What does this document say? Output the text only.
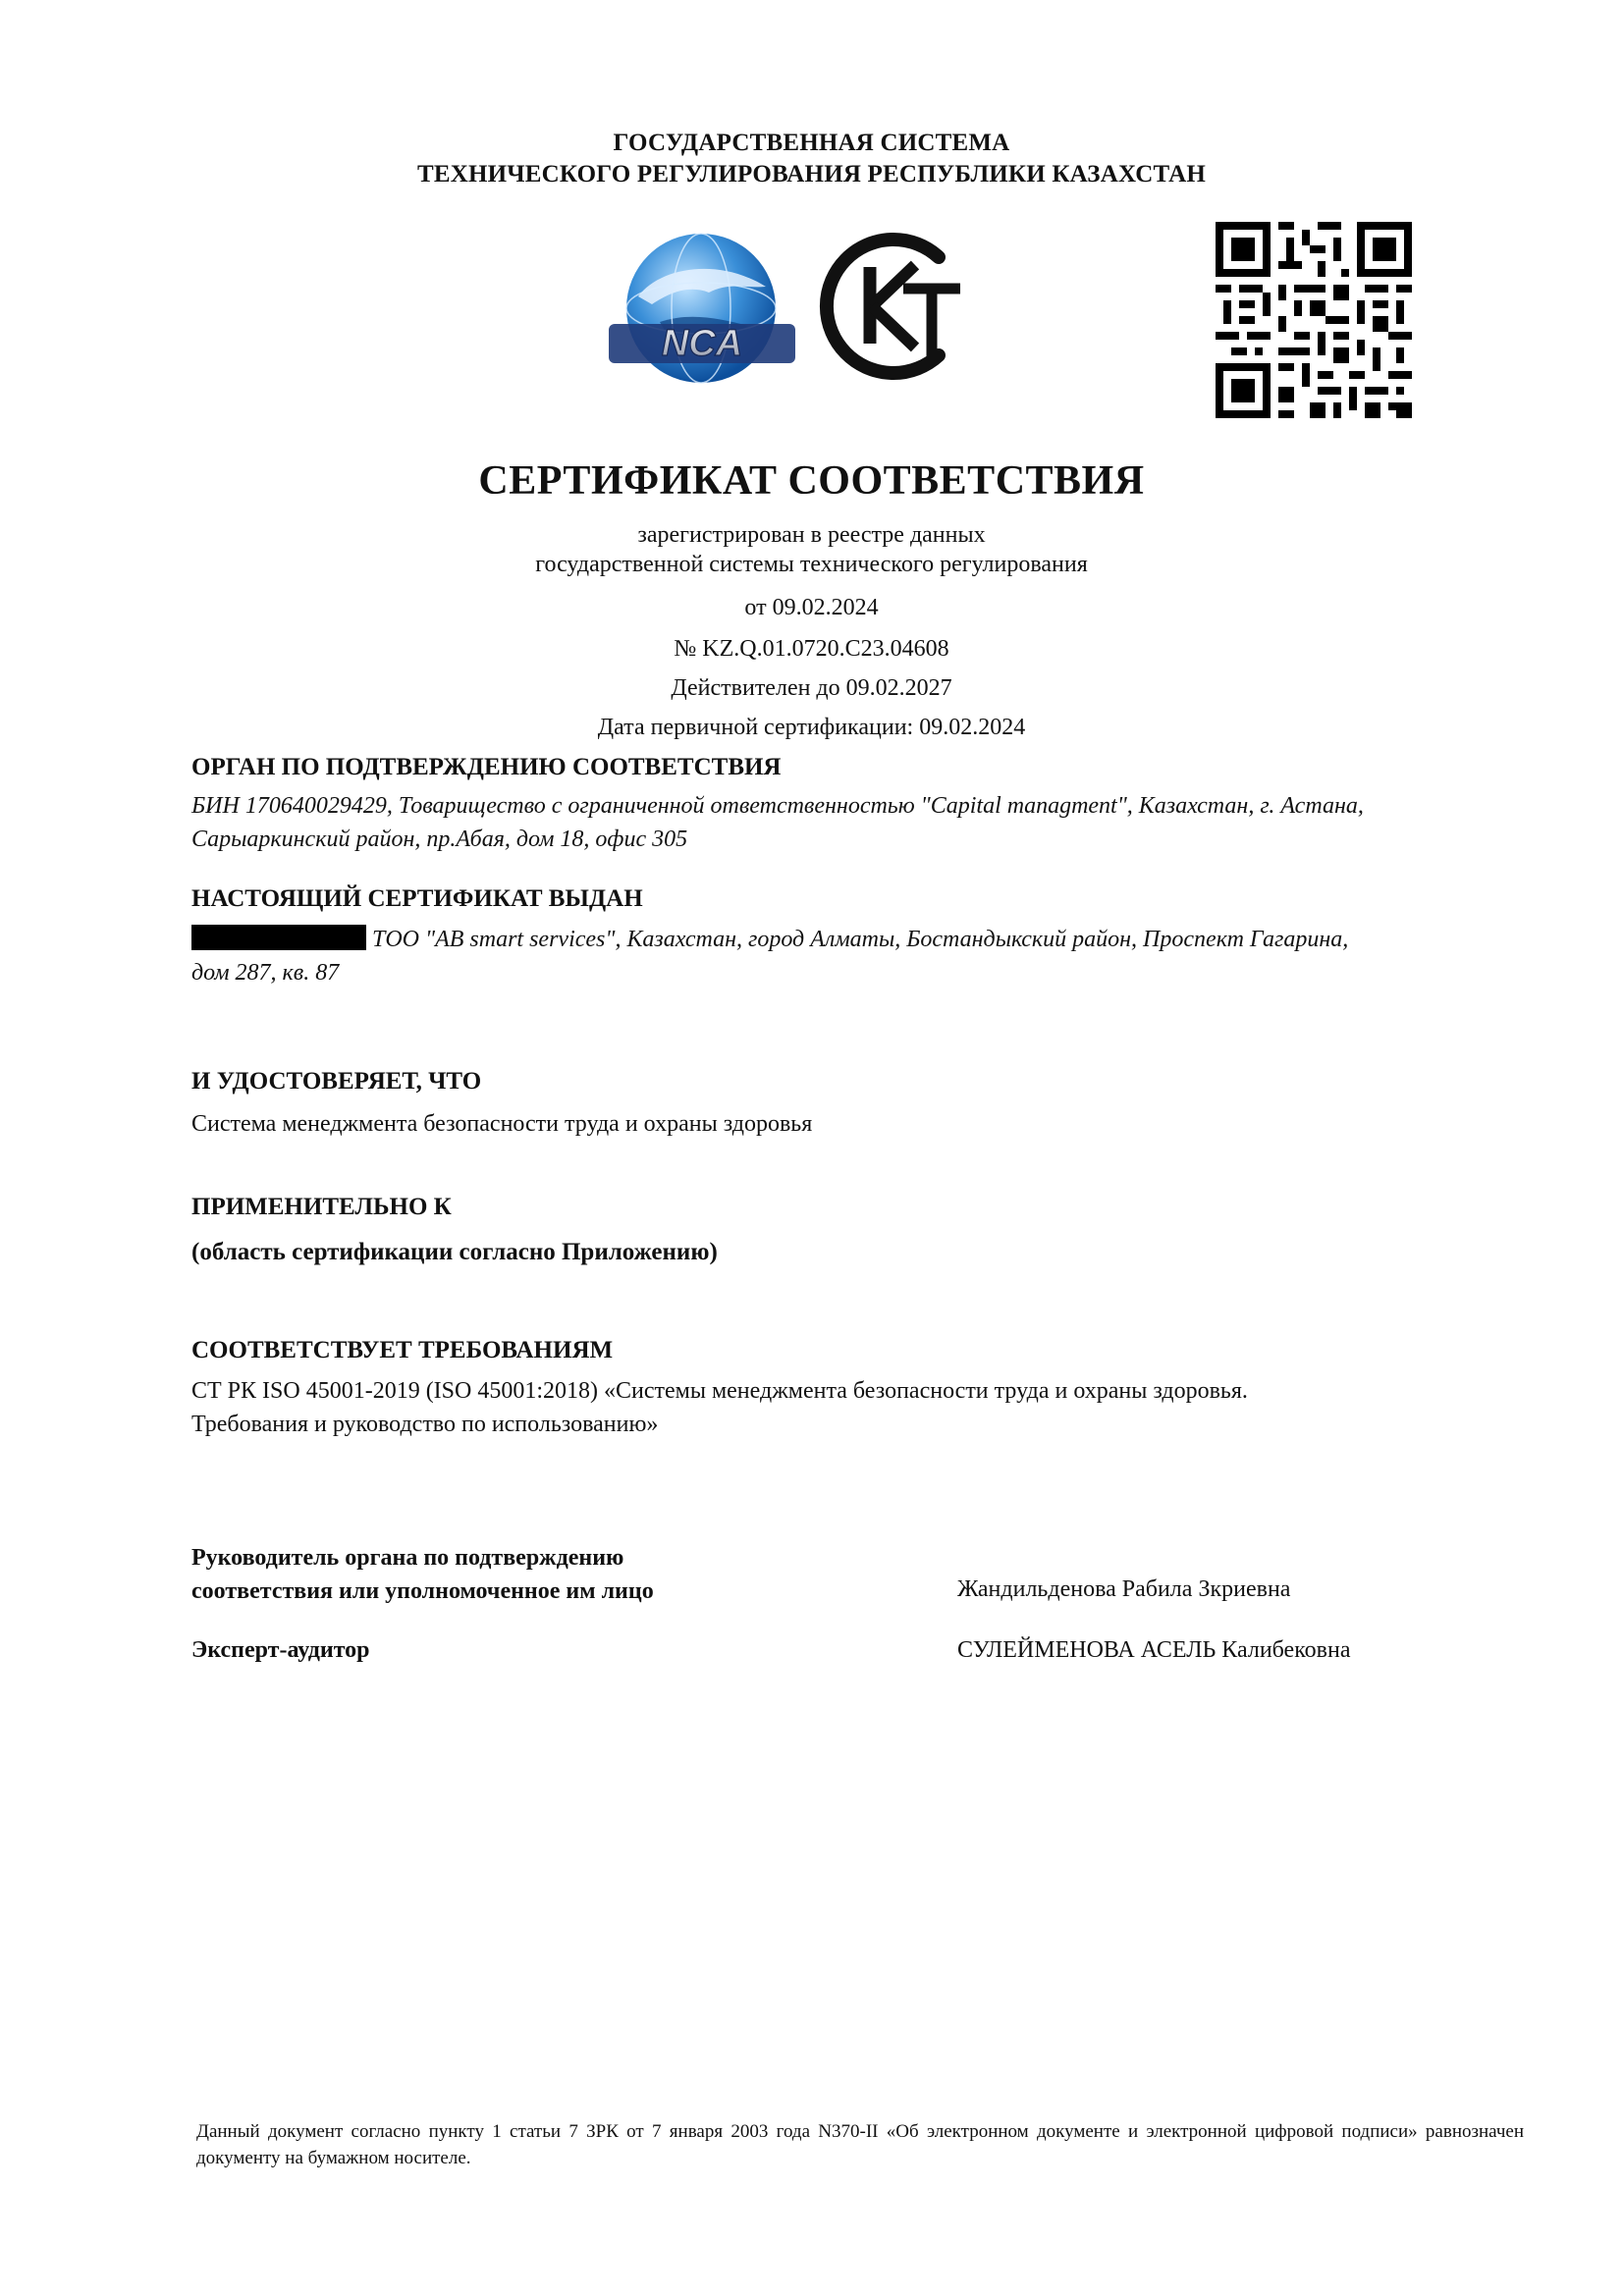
ГОСУДАРСТВЕННАЯ СИСТЕМА
ТЕХНИЧЕСКОГО РЕГУЛИРОВАНИЯ РЕСПУБЛИКИ КАЗАХСТАН
NCA
СЕРТИФИКАТ СООТВЕТСТВИЯ
зарегистрирован в реестре данных
государственной системы технического регулирования
от 09.02.2024
№ KZ.Q.01.0720.C23.04608
Действителен до 09.02.2027
Дата первичной сертификации: 09.02.2024
ОРГАН ПО ПОДТВЕРЖДЕНИЮ СООТВЕТСТВИЯ
БИН 170640029429, Товарищество с ограниченной ответственностью "Capital managment", Казахстан, г. Астана,
Сарыаркинский район, пр.Абая, дом 18, офис 305
НАСТОЯЩИЙ СЕРТИФИКАТ ВЫДАН
ТОО "AB smart services", Казахстан, город Алматы, Бостандыкский район, Проспект Гагарина,
дом 287, кв. 87
И УДОСТОВЕРЯЕТ, ЧТО
Система менеджмента безопасности труда и охраны здоровья
ПРИМЕНИТЕЛЬНО К
(область сертификации согласно Приложению)
СООТВЕТСТВУЕТ ТРЕБОВАНИЯМ
СТ РК ISO 45001-2019 (ISO 45001:2018) «Системы менеджмента безопасности труда и охраны здоровья.
Требования и руководство по использованию»
Руководитель органа по подтверждению
соответствия или уполномоченное им лицо	Жандильденова Рабила Зкриевна
Эксперт-аудитор	СУЛЕЙМЕНОВА АСЕЛЬ Калибековна
Данный документ согласно пункту 1 статьи 7 ЗРК от 7 января 2003 года N370-II «Об электронном документе и электронной цифровой подписи» равнозначен документу на бумажном носителе.
